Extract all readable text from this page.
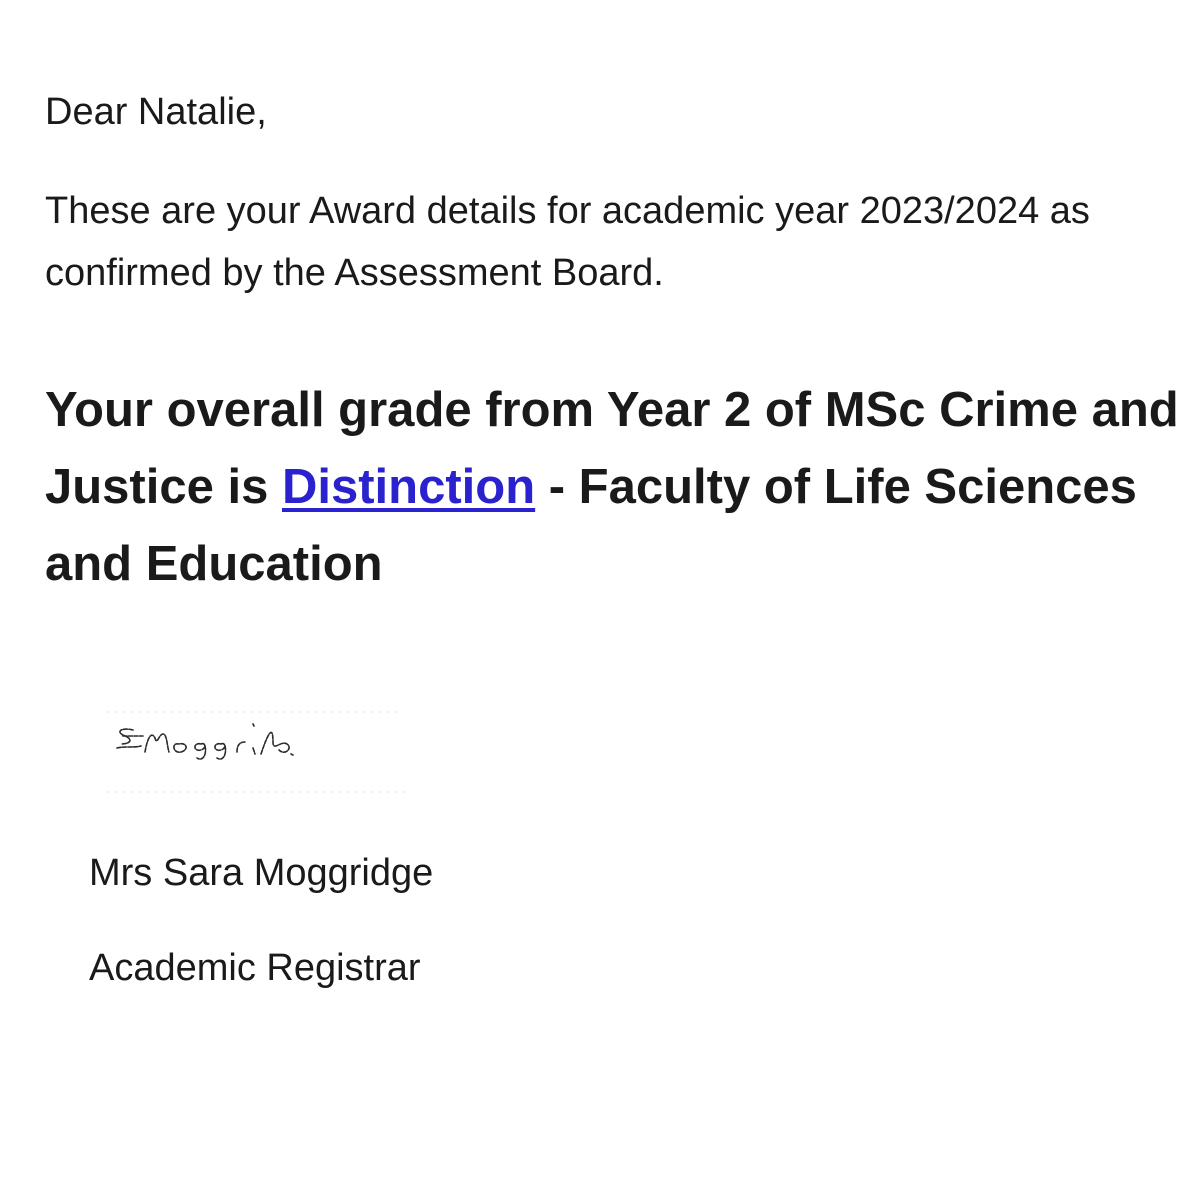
Dear Natalie,

These are your Award details for academic year 2023/2024 as confirmed by the Assessment Board.

Your overall grade from Year 2 of MSc Crime and Justice is Distinction - Faculty of Life Sciences and Education

Mrs Sara Moggridge

Academic Registrar
